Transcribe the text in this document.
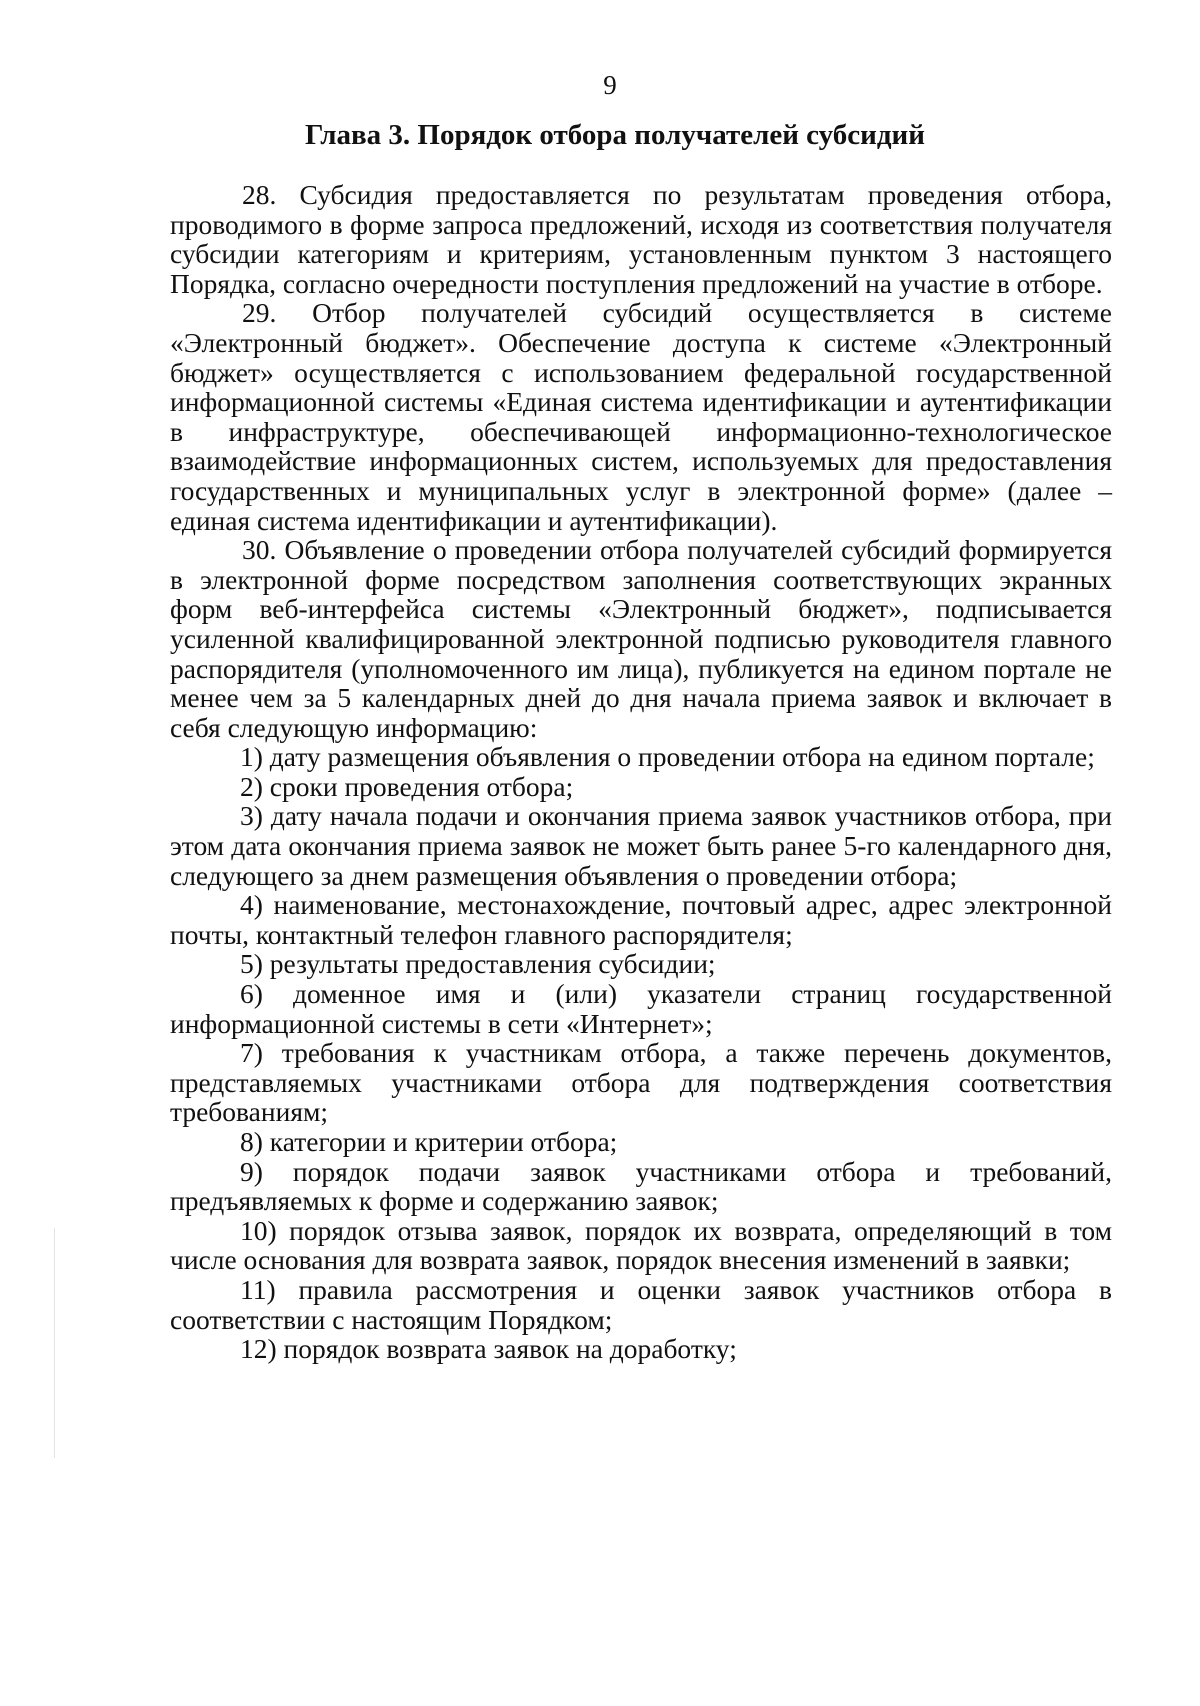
9
Глава 3. Порядок отбора получателей субсидий

28. Субсидия предоставляется по результатам проведения отбора, проводимого в форме запроса предложений, исходя из соответствия получателя субсидии категориям и критериям, установленным пунктом 3 настоящего Порядка, согласно очередности поступления предложений на участие в отборе.

29. Отбор получателей субсидий осуществляется в системе «Электронный бюджет». Обеспечение доступа к системе «Электронный бюджет» осуществляется с использованием федеральной государственной информационной системы «Единая система идентификации и аутентификации в инфраструктуре, обеспечивающей информационно-технологическое взаимодействие информационных систем, используемых для предоставления государственных и муниципальных услуг в электронной форме» (далее – единая система идентификации и аутентификации).

30. Объявление о проведении отбора получателей субсидий формируется в электронной форме посредством заполнения соответствующих экранных форм веб-интерфейса системы «Электронный бюджет», подписывается усиленной квалифицированной электронной подписью руководителя главного распорядителя (уполномоченного им лица), публикуется на едином портале не менее чем за 5 календарных дней до дня начала приема заявок и включает в себя следующую информацию:

1) дату размещения объявления о проведении отбора на едином портале;

2) сроки проведения отбора;

3) дату начала подачи и окончания приема заявок участников отбора, при этом дата окончания приема заявок не может быть ранее 5-го календарного дня, следующего за днем размещения объявления о проведении отбора;

4) наименование, местонахождение, почтовый адрес, адрес электронной почты, контактный телефон главного распорядителя;

5) результаты предоставления субсидии;

6) доменное имя и (или) указатели страниц государственной информационной системы в сети «Интернет»;

7) требования к участникам отбора, а также перечень документов, представляемых участниками отбора для подтверждения соответствия требованиям;

8) категории и критерии отбора;

9) порядок подачи заявок участниками отбора и требований, предъявляемых к форме и содержанию заявок;

10) порядок отзыва заявок, порядок их возврата, определяющий в том числе основания для возврата заявок, порядок внесения изменений в заявки;

11) правила рассмотрения и оценки заявок участников отбора в соответствии с настоящим Порядком;

12) порядок возврата заявок на доработку;
